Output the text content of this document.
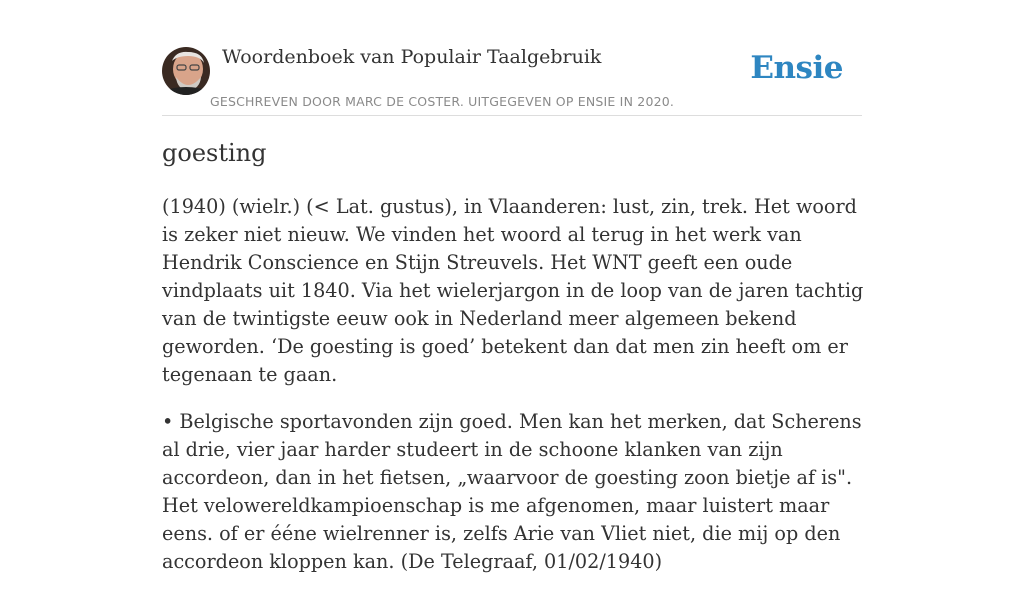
Woordenboek van Populair Taalgebruik
GESCHREVEN DOOR MARC DE COSTER. UITGEGEVEN OP ENSIE IN 2020.
Ensie
goesting

(1940) (wielr.) (< Lat. gustus), in Vlaanderen: lust, zin, trek. Het woord is zeker niet nieuw. We vinden het woord al terug in het werk van Hendrik Conscience en Stijn Streuvels. Het WNT geeft een oude vindplaats uit 1840. Via het wielerjargon in de loop van de jaren tachtig van de twintigste eeuw ook in Nederland meer algemeen bekend geworden. ‘De goesting is goed’ betekent dan dat men zin heeft om er tegenaan te gaan.

• Belgische sportavonden zijn goed. Men kan het merken, dat Scherens al drie, vier jaar harder studeert in de schoone klanken van zijn accordeon, dan in het fietsen, „waarvoor de goesting zoon bietje af is". Het velowereldkampioenschap is me afgenomen, maar luistert maar eens. of er ééne wielrenner is, zelfs Arie van Vliet niet, die mij op den accordeon kloppen kan. (De Telegraaf, 01/02/1940)
